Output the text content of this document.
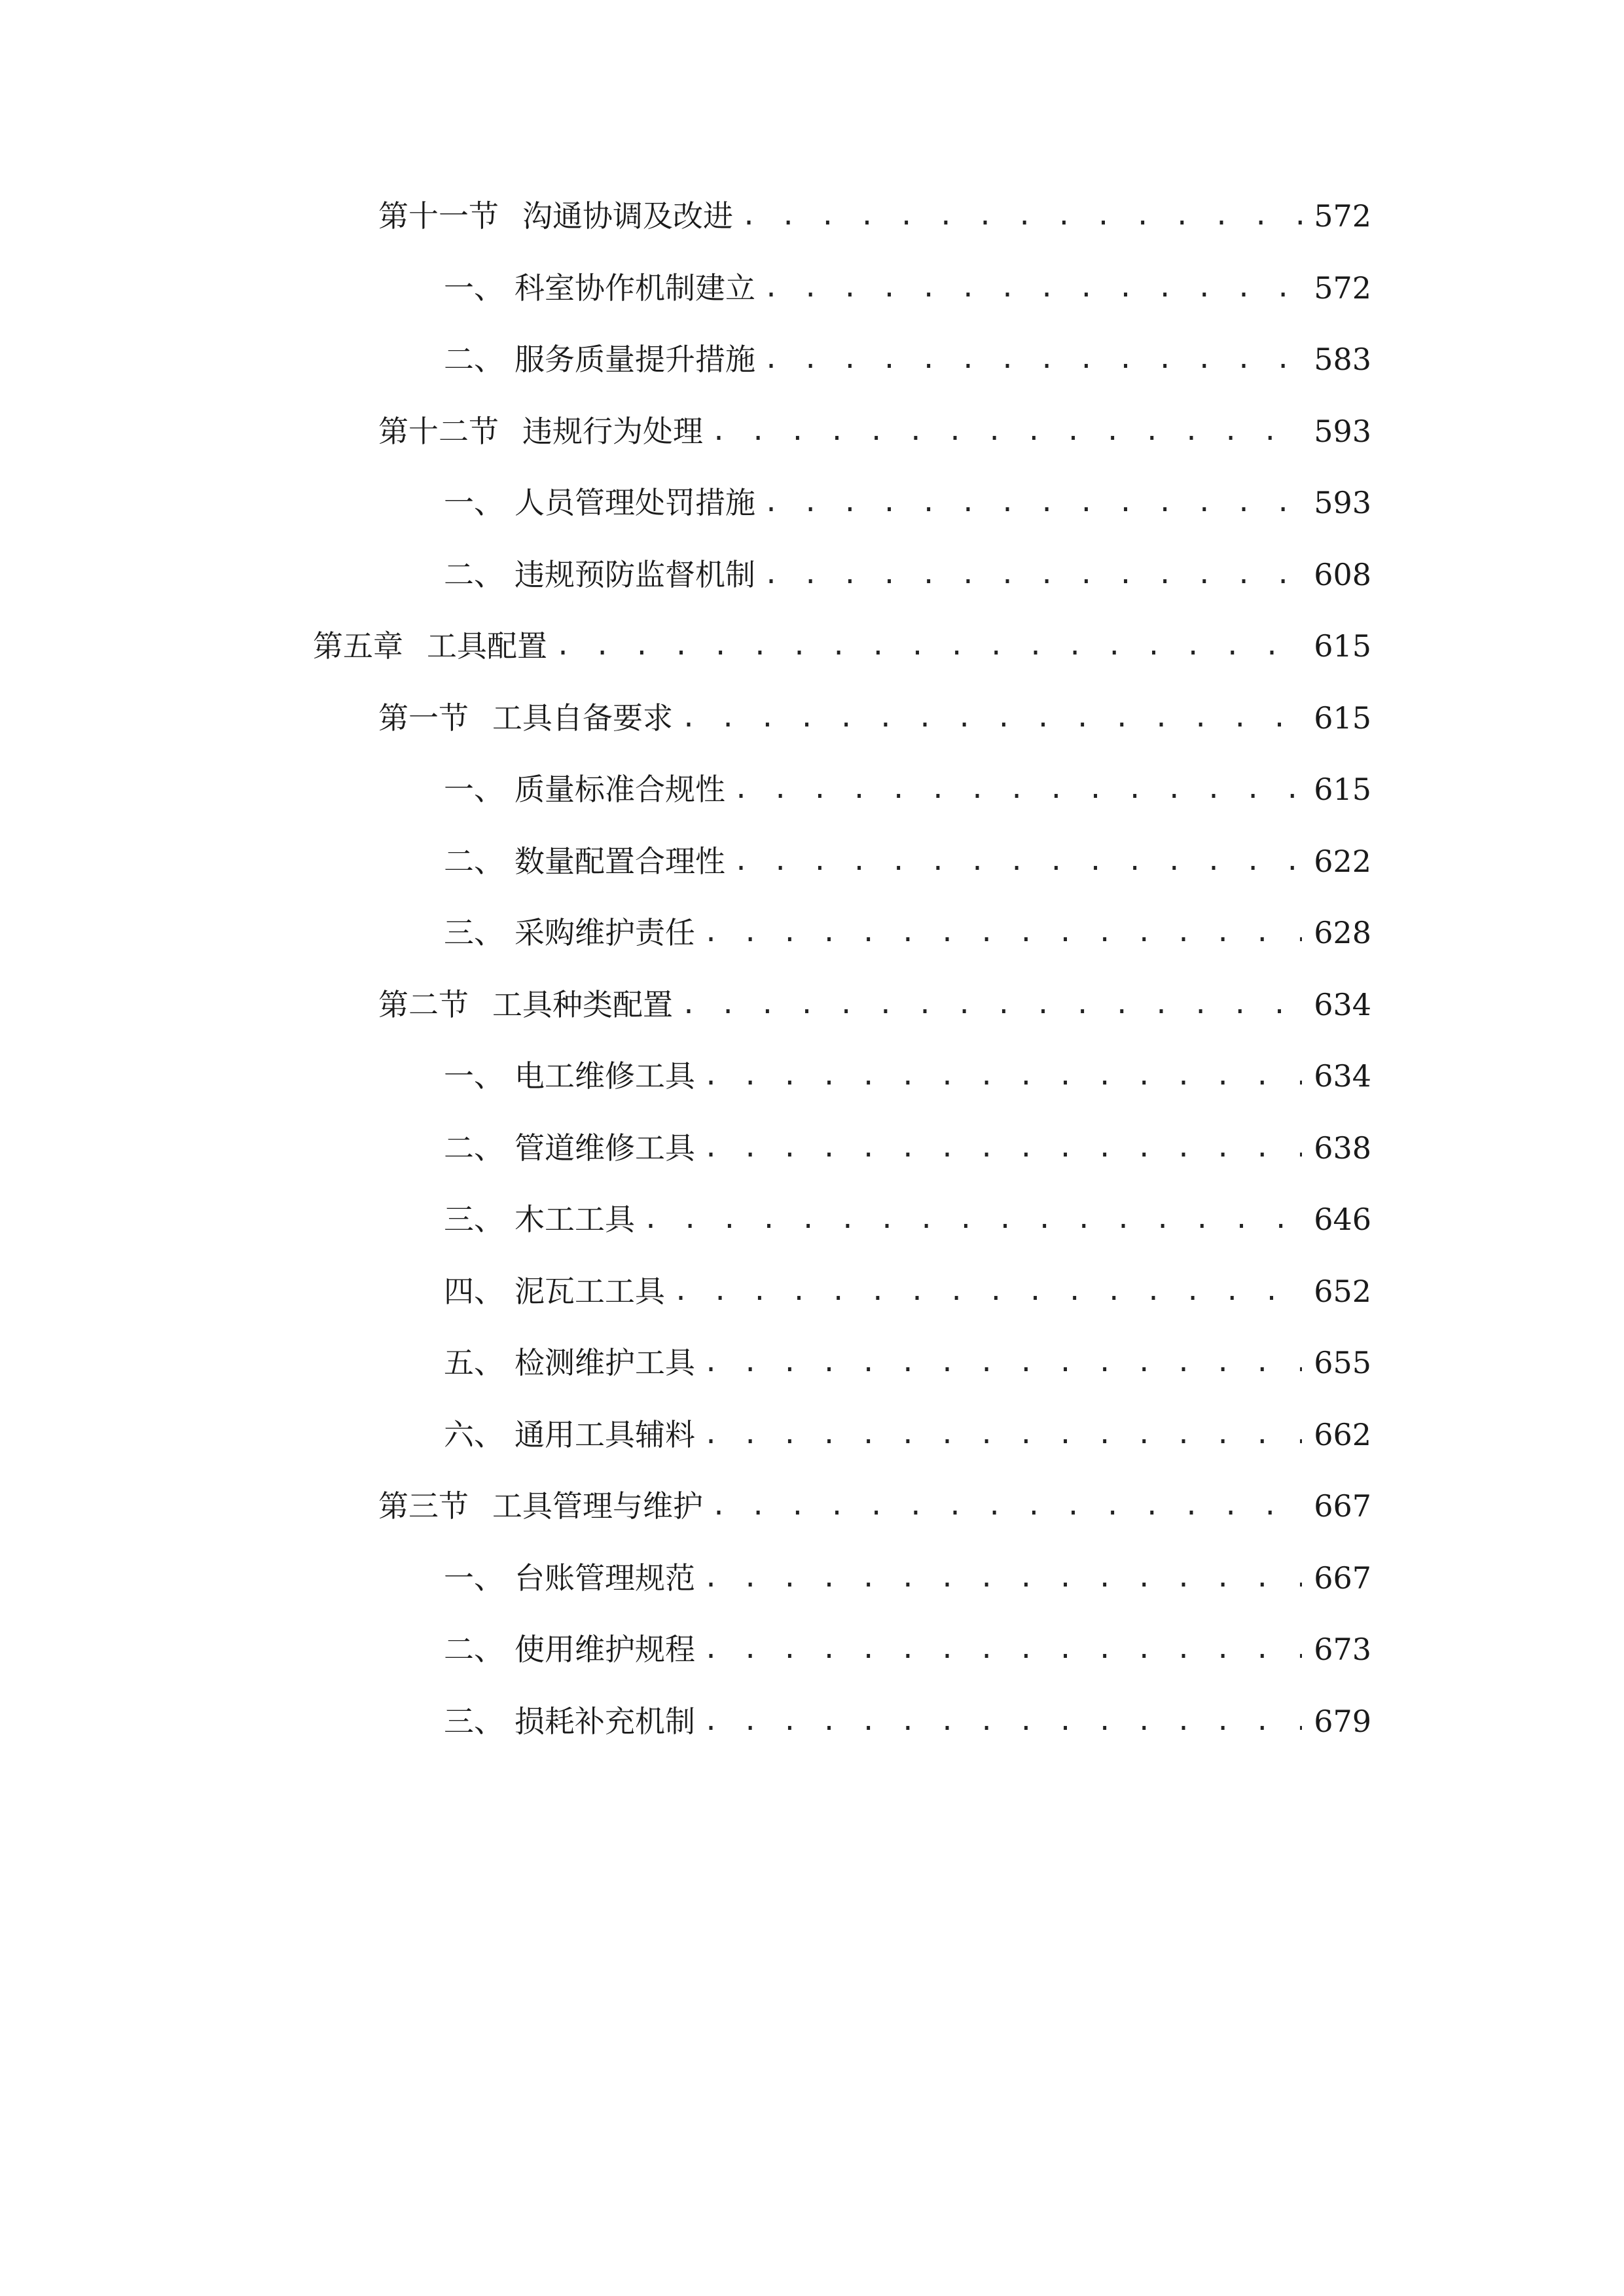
第十一节 沟通协调及改进 . . .	572
一、 科室协作机制建立 . . .	572
二、 服务质量提升措施 . . .	583
第十二节 违规行为处理 . . .	593
一、 人员管理处罚措施 . . .	593
二、 违规预防监督机制 . . .	608
第五章 工具配置 . . .	615
第一节 工具自备要求 . . .	615
一、 质量标准合规性 . . .	615
二、 数量配置合理性 . . .	622
三、 采购维护责任 . . .	628
第二节 工具种类配置 . . .	634
一、 电工维修工具 . . .	634
二、 管道维修工具 . . .	638
三、 木工工具 . . .	646
四、 泥瓦工工具 . . .	652
五、 检测维护工具 . . .	655
六、 通用工具辅料 . . .	662
第三节 工具管理与维护 . . .	667
一、 台账管理规范 . . .	667
二、 使用维护规程 . . .	673
三、 损耗补充机制 . . .	679
